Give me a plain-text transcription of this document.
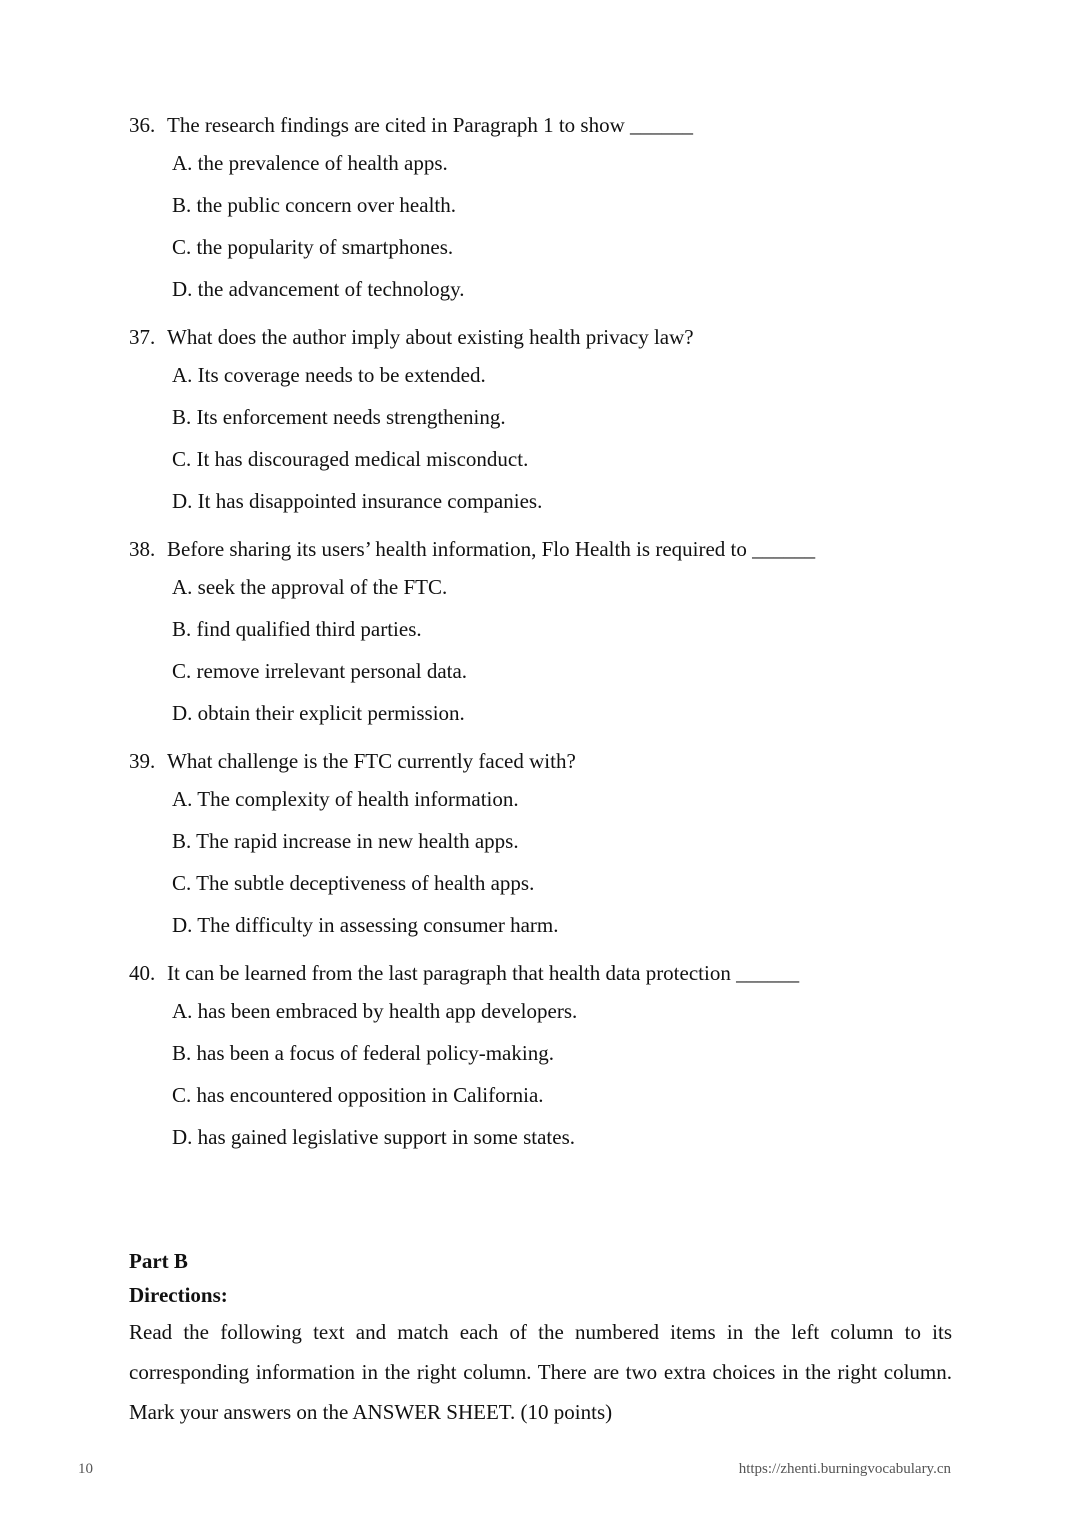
36. The research findings are cited in Paragraph 1 to show ______
A. the prevalence of health apps.
B. the public concern over health.
C. the popularity of smartphones.
D. the advancement of technology.
37. What does the author imply about existing health privacy law?
A. Its coverage needs to be extended.
B. Its enforcement needs strengthening.
C. It has discouraged medical misconduct.
D. It has disappointed insurance companies.
38. Before sharing its users’ health information, Flo Health is required to ______
A. seek the approval of the FTC.
B. find qualified third parties.
C. remove irrelevant personal data.
D. obtain their explicit permission.
39. What challenge is the FTC currently faced with?
A. The complexity of health information.
B. The rapid increase in new health apps.
C. The subtle deceptiveness of health apps.
D. The difficulty in assessing consumer harm.
40. It can be learned from the last paragraph that health data protection ______
A. has been embraced by health app developers.
B. has been a focus of federal policy-making.
C. has encountered opposition in California.
D. has gained legislative support in some states.
Part B
Directions:
Read the following text and match each of the numbered items in the left column to its corresponding information in the right column. There are two extra choices in the right column. Mark your answers on the ANSWER SHEET. (10 points)
10	https://zhenti.burningvocabulary.cn
